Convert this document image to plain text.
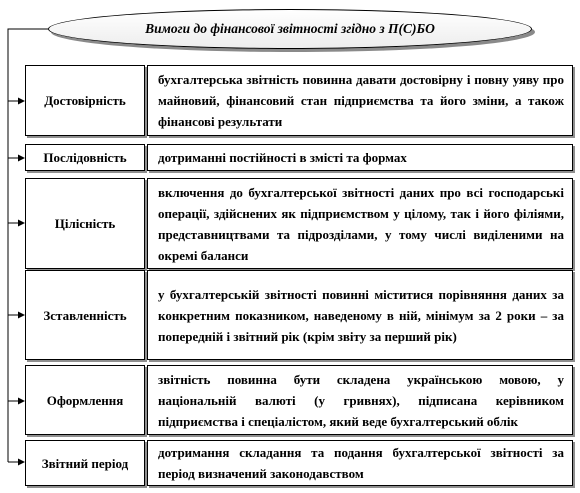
Вимоги до фінансової звітності згідно з П(С)БО
Достовірність
бухгалтерська звітність повинна давати достовірну і повну уяву про майновий, фінансовий стан підприємства та його зміни, а також фінансові результати
Послідовність	дотриманні постійності в змісті та формах
Цілісність
включення до бухгалтерської звітності даних про всі господарські операції, здійснених як підприємством у цілому, так і його філіями, представництвами та підрозділами, у тому числі виділеними на окремі баланси
Зставленність
у бухгалтерській звітності повинні міститися порівняння даних за конкретним показником, наведеному в ній, мінімум за 2 роки – за попередній і звітний рік (крім звіту за перший рік)
Оформлення
звітність повинна бути складена українською мовою, у національній валюті (у гривнях), підписана керівником підприємства і спеціалістом, який веде бухгалтерський облік
Звітний період
дотримання складання та подання бухгалтерської звітності за період визначений законодавством
